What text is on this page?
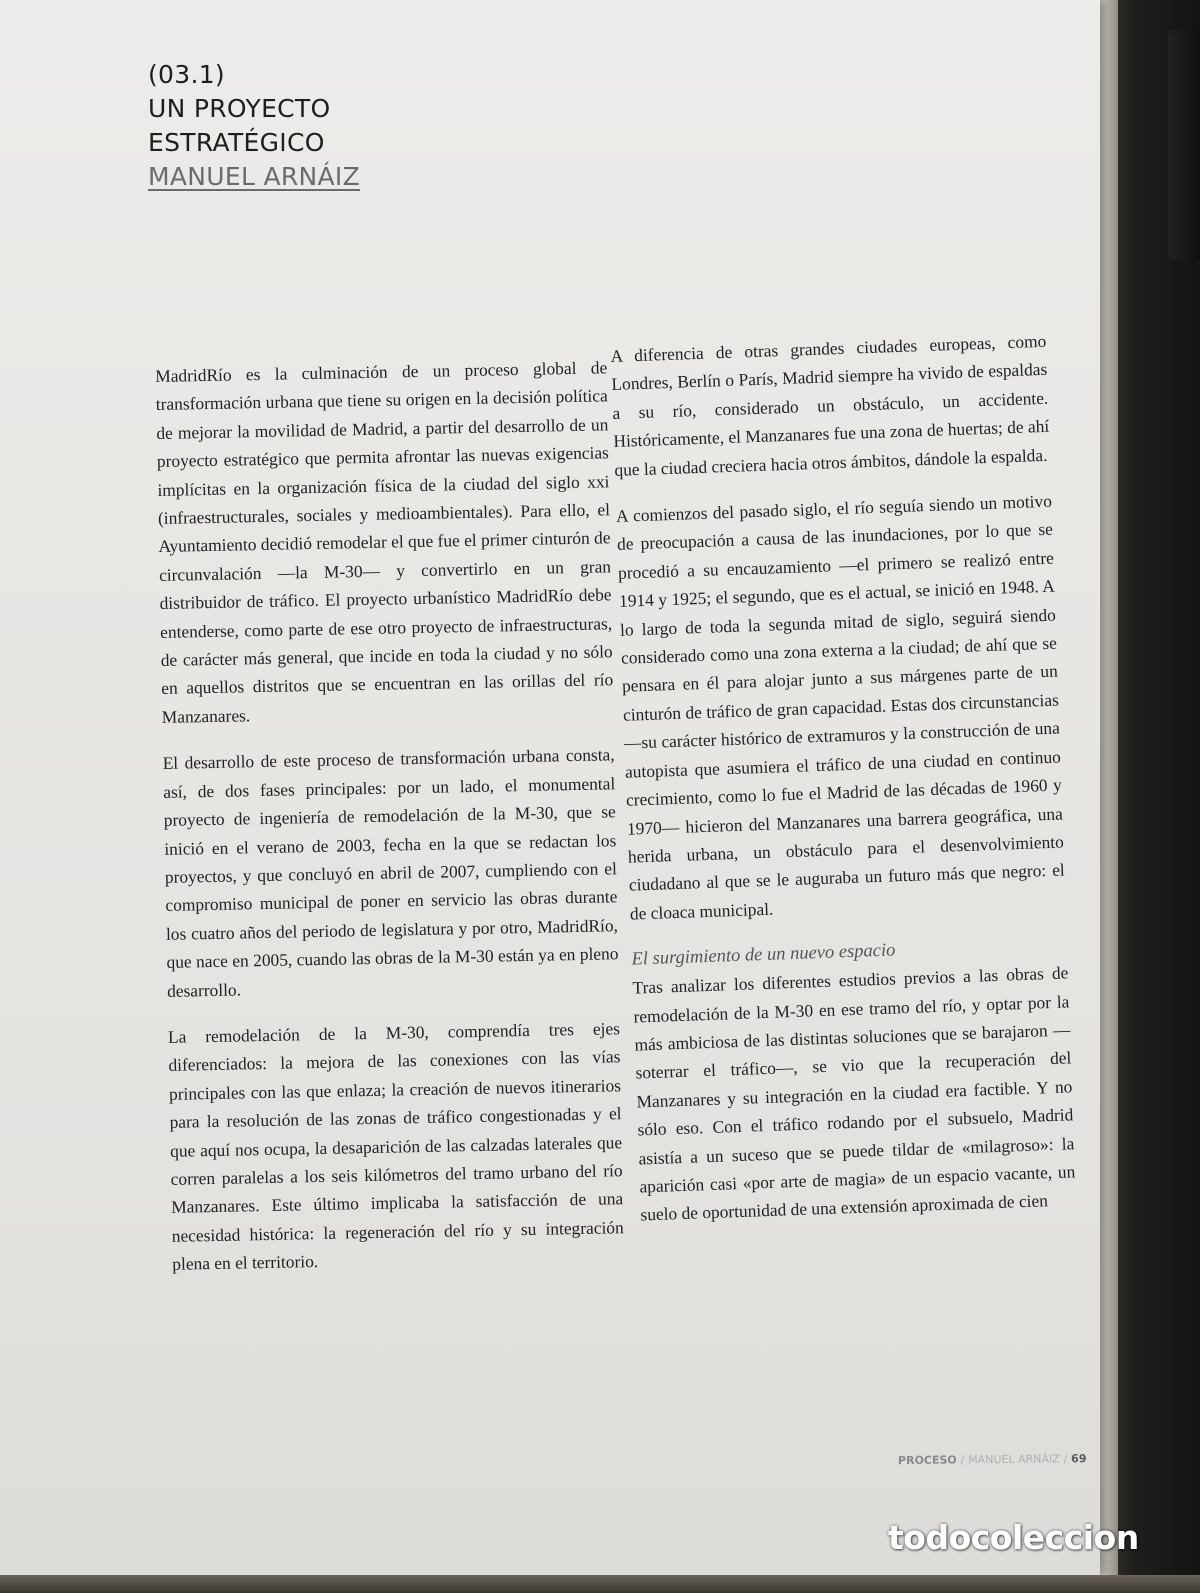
(03.1)
UN PROYECTO
ESTRATÉGICO
MANUEL ARNÁIZ

MadridRío es la culminación de un proceso global de transformación urbana que tiene su origen en la decisión política de mejorar la movilidad de Madrid, a partir del desarrollo de un proyecto estratégico que permita afrontar las nuevas exigencias implícitas en la organización física de la ciudad del siglo xxi (infraestructurales, sociales y medioambientales). Para ello, el Ayuntamiento decidió remodelar el que fue el primer cinturón de circunvalación —la M-30— y convertirlo en un gran distribuidor de tráfico. El proyecto urbanístico MadridRío debe entenderse, como parte de ese otro proyecto de infraestructuras, de carácter más general, que incide en toda la ciudad y no sólo en aquellos distritos que se encuentran en las orillas del río Manzanares.

El desarrollo de este proceso de transformación urbana consta, así, de dos fases principales: por un lado, el monumental proyecto de ingeniería de remodelación de la M-30, que se inició en el verano de 2003, fecha en la que se redactan los proyectos, y que concluyó en abril de 2007, cumpliendo con el compromiso municipal de poner en servicio las obras durante los cuatro años del periodo de legislatura y por otro, MadridRío, que nace en 2005, cuando las obras de la M-30 están ya en pleno desarrollo.

La remodelación de la M-30, comprendía tres ejes diferenciados: la mejora de las conexiones con las vías principales con las que enlaza; la creación de nuevos itinerarios para la resolución de las zonas de tráfico congestionadas y el que aquí nos ocupa, la desaparición de las calzadas laterales que corren paralelas a los seis kilómetros del tramo urbano del río Manzanares. Este último implicaba la satisfacción de una necesidad histórica: la regeneración del río y su integración plena en el territorio.

A diferencia de otras grandes ciudades europeas, como Londres, Berlín o París, Madrid siempre ha vivido de espaldas a su río, considerado un obstáculo, un accidente. Históricamente, el Manzanares fue una zona de huertas; de ahí que la ciudad creciera hacia otros ámbitos, dándole la espalda.

A comienzos del pasado siglo, el río seguía siendo un motivo de preocupación a causa de las inundaciones, por lo que se procedió a su encauzamiento —el primero se realizó entre 1914 y 1925; el segundo, que es el actual, se inició en 1948. A lo largo de toda la segunda mitad de siglo, seguirá siendo considerado como una zona externa a la ciudad; de ahí que se pensara en él para alojar junto a sus márgenes parte de un cinturón de tráfico de gran capacidad. Estas dos circunstancias —su carácter histórico de extramuros y la construcción de una autopista que asumiera el tráfico de una ciudad en continuo crecimiento, como lo fue el Madrid de las décadas de 1960 y 1970— hicieron del Manzanares una barrera geográfica, una herida urbana, un obstáculo para el desenvolvimiento ciudadano al que se le auguraba un futuro más que negro: el de cloaca municipal.

El surgimiento de un nuevo espacio

Tras analizar los diferentes estudios previos a las obras de remodelación de la M-30 en ese tramo del río, y optar por la más ambiciosa de las distintas soluciones que se barajaron —soterrar el tráfico—, se vio que la recuperación del Manzanares y su integración en la ciudad era factible. Y no sólo eso. Con el tráfico rodando por el subsuelo, Madrid asistía a un suceso que se puede tildar de «milagroso»: la aparición casi «por arte de magia» de un espacio vacante, un suelo de oportunidad de una extensión aproximada de cien

PROCESO / MANUEL ARNÁIZ / 69
todocoleccion
